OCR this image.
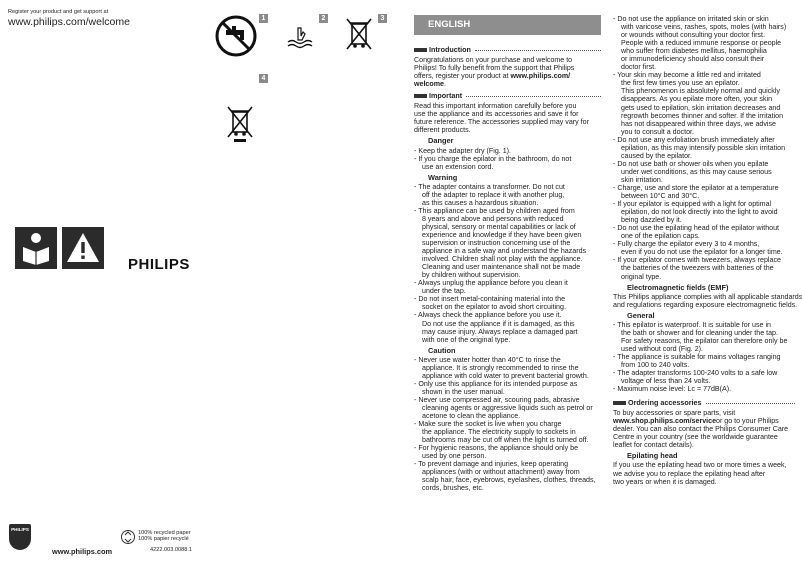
Register your product and get support at
www.philips.com/welcome	1	2	3
4
PHILIPS
PHILIPS
www.philips.com
100% recycled paper
100% papier recyclé
4222.003.0088.1
ENGLISH
Introduction

Congratulations on your purchase and welcome to

Philips! To fully benefit from the support that Philips

offers, register your product at www.philips.com/

welcome.

Important

Read this important information carefully before you

use the appliance and its accessories and save it for

future reference. The accessories supplied may vary for

different products.

Danger

- Keep the adapter dry (Fig. 1).

- If you charge the epilator in the bathroom, do not

use an extension cord.

Warning

- The adapter contains a transformer. Do not cut

off the adapter to replace it with another plug,

as this causes a hazardous situation.

- This appliance can be used by children aged from

8 years and above and persons with reduced

physical, sensory or mental capabilities or lack of

experience and knowledge if they have been given

supervision or instruction concerning use of the

appliance in a safe way and understand the hazards

involved. Children shall not play with the appliance.

Cleaning and user maintenance shall not be made

by children without supervision.

- Always unplug the appliance before you clean it

under the tap.

- Do not insert metal-containing material into the

socket on the epilator to avoid short circuiting.

- Always check the appliance before you use it.

Do not use the appliance if it is damaged, as this

may cause injury. Always replace a damaged part

with one of the original type.

Caution

- Never use water hotter than 40°C to rinse the

appliance. It is strongly recommended to rinse the

appliance with cold water to prevent bacterial growth.

- Only use this appliance for its intended purpose as

shown in the user manual.

- Never use compressed air, scouring pads, abrasive

cleaning agents or aggressive liquids such as petrol or

acetone to clean the appliance.

- Make sure the socket is live when you charge

the appliance. The electricity supply to sockets in

bathrooms may be cut off when the light is turned off.

- For hygienic reasons, the appliance should only be

used by one person.

- To prevent damage and injuries, keep operating

appliances (with or without attachment) away from

scalp hair, face, eyebrows, eyelashes, clothes, threads,

cords, brushes, etc.

- Do not use the appliance on irritated skin or skin

with varicose veins, rashes, spots, moles (with hairs)

or wounds without consulting your doctor first.

People with a reduced immune response or people

who suffer from diabetes mellitus, haemophilia

or immunodeficiency should also consult their

doctor first.

- Your skin may become a little red and irritated

the first few times you use an epilator.

This phenomenon is absolutely normal and quickly

disappears. As you epilate more often, your skin

gets used to epilation, skin irritation decreases and

regrowth becomes thinner and softer. If the irritation

has not disappeared within three days, we advise

you to consult a doctor.

- Do not use any exfoliation brush immediately after

epilation, as this may intensify possible skin irritation

caused by the epilator.

- Do not use bath or shower oils when you epilate

under wet conditions, as this may cause serious

skin irritation.

- Charge, use and store the epilator at a temperature

between 10°C and 30°C.

- If your epilator is equipped with a light for optimal

epilation, do not look directly into the light to avoid

being dazzled by it.

- Do not use the epilating head of the epilator without

one of the epilation caps.

- Fully charge the epilator every 3 to 4 months,

even if you do not use the epilator for a longer time.

- If your epilator comes with tweezers, always replace

the batteries of the tweezers with batteries of the

original type.

Electromagnetic fields (EMF)

This Philips appliance complies with all applicable standards

and regulations regarding exposure electromagnetic fields.

General

- This epilator is waterproof. It is suitable for use in

the bath or shower and for cleaning under the tap.

For safety reasons, the epilator can therefore only be

used without cord (Fig. 2).

- The appliance is suitable for mains voltages ranging

from 100 to 240 volts.

- The adapter transforms 100-240 volts to a safe low

voltage of less than 24 volts.

- Maximum noise level: Lc = 77dB(A).

Ordering accessories

To buy accessories or spare parts, visit

www.shop.philips.com/serviceor go to your Philips

dealer. You can also contact the Philips Consumer Care

Centre in your country (see the worldwide guarantee

leaflet for contact details).

Epilating head

If you use the epilating head two or more times a week,

we advise you to replace the epilating head after

two years or when it is damaged.
